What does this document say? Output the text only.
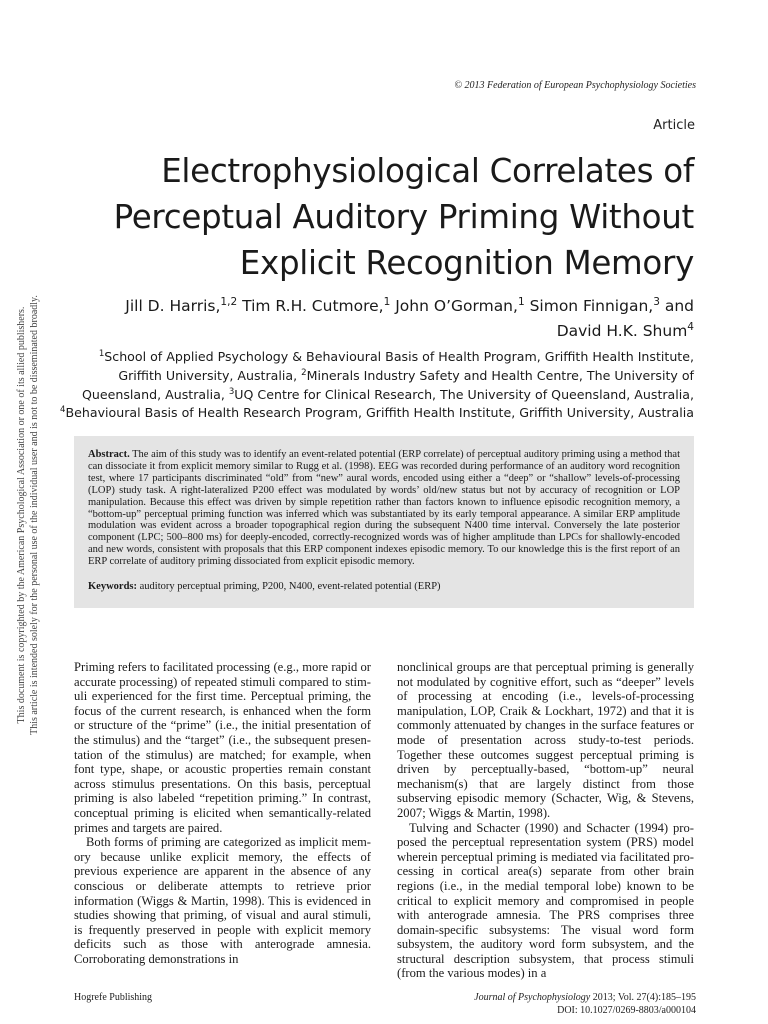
This document is copyrighted by the American Psychological Association or one of its allied publishers. This article is intended solely for the personal use of the individual user and is not to be disseminated broadly.
© 2013 Federation of European Psychophysiology Societies
Article
Electrophysiological Correlates of
Perceptual Auditory Priming Without
Explicit Recognition Memory
Jill D. Harris,$^{1,2}$ Tim R.H. Cutmore,$^1$ John O’Gorman,$^1$ Simon Finnigan,$^3$ and
David H.K. Shum$^4$
$^1$School of Applied Psychology & Behavioural Basis of Health Program, Griffith Health Institute,
Griffith University, Australia, $^2$Minerals Industry Safety and Health Centre, The University of
Queensland, Australia, $^3$UQ Centre for Clinical Research, The University of Queensland, Australia,
$^4$Behavioural Basis of Health Research Program, Griffith Health Institute, Griffith University, Australia
Abstract. The aim of this study was to identify an event-related potential (ERP correlate) of perceptual auditory priming using a method that can dissociate it from explicit memory similar to Rugg et al. (1998). EEG was recorded during performance of an auditory word recognition test, where 17 participants discriminated “old” from “new” aural words, encoded using either a “deep” or “shallow” levels-of-processing (LOP) study task. A right-lateralized P200 effect was modulated by words’ old/new status but not by accuracy of recognition or LOP manipulation. Because this effect was driven by simple repetition rather than factors known to influence episodic recognition memory, a “bottom-up” perceptual priming function was inferred which was substantiated by its early temporal appearance. A similar ERP amplitude modulation was evident across a broader topographical region during the subsequent N400 time interval. Conversely the late posterior component (LPC; 500–800 ms) for deeply-encoded, correctly-recognized words was of higher amplitude than LPCs for shallowly-encoded and new words, consistent with proposals that this ERP component indexes episodic memory. To our knowledge this is the first report of an ERP correlate of auditory priming dissociated from explicit episodic memory.
Keywords: auditory perceptual priming, P200, N400, event-related potential (ERP)

Priming refers to facilitated processing (e.g., more rapid or accurate processing) of repeated stimuli compared to stimuli experienced for the first time. Perceptual priming, the focus of the current research, is enhanced when the form or structure of the “prime” (i.e., the initial presentation of the stimulus) and the “target” (i.e., the subsequent presentation of the stimulus) are matched; for example, when font type, shape, or acoustic properties remain constant across stimulus presentations. On this basis, perceptual priming is also labeled “repetition priming.” In contrast, conceptual priming is elicited when semantically-related primes and targets are paired.

Both forms of priming are categorized as implicit memory because unlike explicit memory, the effects of previous experience are apparent in the absence of any conscious or deliberate attempts to retrieve prior information (Wiggs & Martin, 1998). This is evidenced in studies showing that priming, of visual and aural stimuli, is frequently preserved in people with explicit memory deficits such as those with anterograde amnesia. Corroborating demonstrations in

nonclinical groups are that perceptual priming is generally not modulated by cognitive effort, such as “deeper” levels of processing at encoding (i.e., levels-of-processing manipulation, LOP, Craik & Lockhart, 1972) and that it is commonly attenuated by changes in the surface features or mode of presentation across study-to-test periods. Together these outcomes suggest perceptual priming is driven by perceptually-based, “bottom-up” neural mechanism(s) that are largely distinct from those subserving episodic memory (Schacter, Wig, & Stevens, 2007; Wiggs & Martin, 1998).

Tulving and Schacter (1990) and Schacter (1994) proposed the perceptual representation system (PRS) model wherein perceptual priming is mediated via facilitated processing in cortical area(s) separate from other brain regions (i.e., in the medial temporal lobe) known to be critical to explicit memory and compromised in people with anterograde amnesia. The PRS comprises three domain-specific subsystems: The visual word form subsystem, the auditory word form subsystem, and the structural description subsystem, that process stimuli (from the various modes) in a

Hogrefe Publishing	Journal of Psychophysiology 2013; Vol. 27(4):185–195
DOI: 10.1027/0269-8803/a000104
